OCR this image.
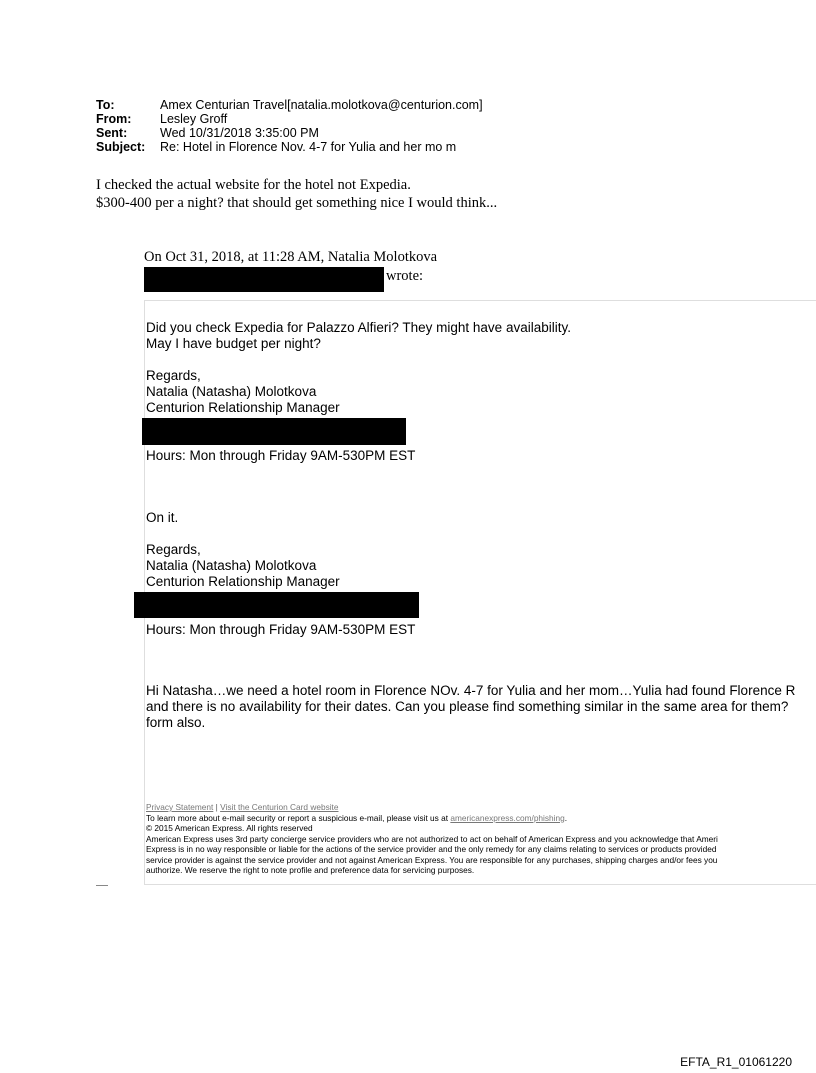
To:	Amex Centurian Travel[natalia.molotkova@centurion.com]
From:	Lesley Groff
Sent:	Wed 10/31/2018 3:35:00 PM
Subject:	Re: Hotel in Florence Nov. 4-7 for Yulia and her mo m
I checked the actual website for the hotel not Expedia.
$300-400 per a night? that should get something nice I would think...
On Oct 31, 2018, at 11:28 AM, Natalia Molotkova
wrote:
Did you check Expedia for Palazzo Alfieri? They might have availability.
May I have budget per night?
Regards,
Natalia (Natasha) Molotkova
Centurion Relationship Manager
Hours: Mon through Friday 9AM-530PM EST
On it.
Regards,
Natalia (Natasha) Molotkova
Centurion Relationship Manager
Hours: Mon through Friday 9AM-530PM EST
Hi Natasha…we need a hotel room in Florence NOv. 4-7 for Yulia and her mom…Yulia had found Florence R
and there is no availability for their dates. Can you please find something similar in the same area for them?
form also.
Privacy Statement | Visit the Centurion Card website
To learn more about e-mail security or report a suspicious e-mail, please visit us at americanexpress.com/phishing.
© 2015 American Express. All rights reserved
American Express uses 3rd party concierge service providers who are not authorized to act on behalf of American Express and you acknowledge that Ameri
Express is in no way responsible or liable for the actions of the service provider and the only remedy for any claims relating to services or products provided
service provider is against the service provider and not against American Express. You are responsible for any purchases, shipping charges and/or fees you
authorize. We reserve the right to note profile and preference data for servicing purposes.
EFTA_R1_01061220
